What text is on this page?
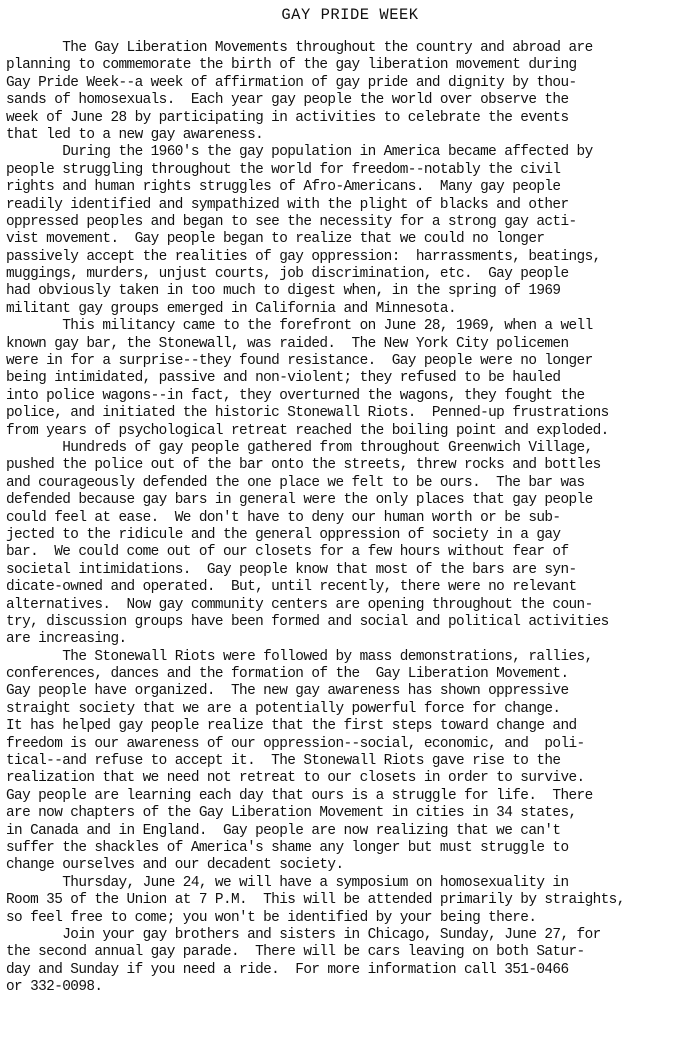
GAY PRIDE WEEK
The Gay Liberation Movements throughout the country and abroad are
planning to commemorate the birth of the gay liberation movement during
Gay Pride Week--a week of affirmation of gay pride and dignity by thou-
sands of homosexuals.  Each year gay people the world over observe the
week of June 28 by participating in activities to celebrate the events
that led to a new gay awareness.
During the 1960's the gay population in America became affected by
people struggling throughout the world for freedom--notably the civil
rights and human rights struggles of Afro-Americans.  Many gay people
readily identified and sympathized with the plight of blacks and other
oppressed peoples and began to see the necessity for a strong gay acti-
vist movement.  Gay people began to realize that we could no longer
passively accept the realities of gay oppression:  harrassments, beatings,
muggings, murders, unjust courts, job discrimination, etc.  Gay people
had obviously taken in too much to digest when, in the spring of 1969
militant gay groups emerged in California and Minnesota.
This militancy came to the forefront on June 28, 1969, when a well
known gay bar, the Stonewall, was raided.  The New York City policemen
were in for a surprise--they found resistance.  Gay people were no longer
being intimidated, passive and non-violent; they refused to be hauled
into police wagons--in fact, they overturned the wagons, they fought the
police, and initiated the historic Stonewall Riots.  Penned-up frustrations
from years of psychological retreat reached the boiling point and exploded.
Hundreds of gay people gathered from throughout Greenwich Village,
pushed the police out of the bar onto the streets, threw rocks and bottles
and courageously defended the one place we felt to be ours.  The bar was
defended because gay bars in general were the only places that gay people
could feel at ease.  We don't have to deny our human worth or be sub-
jected to the ridicule and the general oppression of society in a gay
bar.  We could come out of our closets for a few hours without fear of
societal intimidations.  Gay people know that most of the bars are syn-
dicate-owned and operated.  But, until recently, there were no relevant
alternatives.  Now gay community centers are opening throughout the coun-
try, discussion groups have been formed and social and political activities
are increasing.
The Stonewall Riots were followed by mass demonstrations, rallies,
conferences, dances and the formation of the  Gay Liberation Movement.
Gay people have organized.  The new gay awareness has shown oppressive
straight society that we are a potentially powerful force for change.
It has helped gay people realize that the first steps toward change and
freedom is our awareness of our oppression--social, economic, and  poli-
tical--and refuse to accept it.  The Stonewall Riots gave rise to the
realization that we need not retreat to our closets in order to survive.
Gay people are learning each day that ours is a struggle for life.  There
are now chapters of the Gay Liberation Movement in cities in 34 states,
in Canada and in England.  Gay people are now realizing that we can't
suffer the shackles of America's shame any longer but must struggle to
change ourselves and our decadent society.
Thursday, June 24, we will have a symposium on homosexuality in
Room 35 of the Union at 7 P.M.  This will be attended primarily by straights,
so feel free to come; you won't be identified by your being there.
Join your gay brothers and sisters in Chicago, Sunday, June 27, for
the second annual gay parade.  There will be cars leaving on both Satur-
day and Sunday if you need a ride.  For more information call 351-0466
or 332-0098.
